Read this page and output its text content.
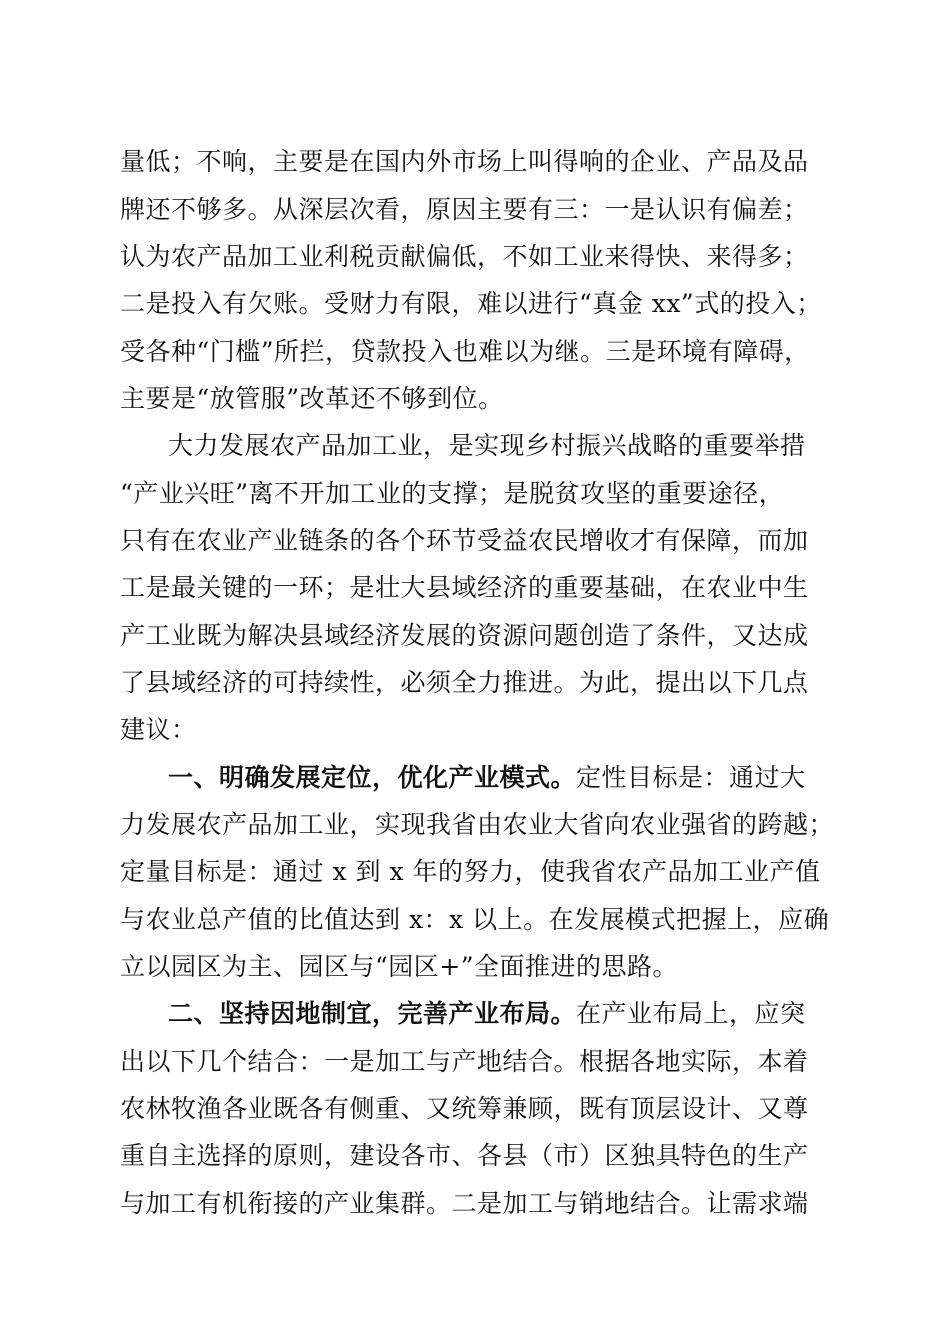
量低；不响，主要是在国内外市场上叫得响的企业、产品及品
牌还不够多。从深层次看，原因主要有三：一是认识有偏差；
认为农产品加工业利税贡献偏低，不如工业来得快、来得多；
二是投入有欠账。受财力有限，难以进行“真金 xx”式的投入；
受各种“门槛”所拦，贷款投入也难以为继。三是环境有障碍，
主要是“放管服”改革还不够到位。
大力发展农产品加工业，是实现乡村振兴战略的重要举措
“产业兴旺”离不开加工业的支撑；是脱贫攻坚的重要途径，
只有在农业产业链条的各个环节受益农民增收才有保障，而加
工是最关键的一环；是壮大县域经济的重要基础，在农业中生
产工业既为解决县域经济发展的资源问题创造了条件，又达成
了县域经济的可持续性，必须全力推进。为此，提出以下几点
建议：
一、明确发展定位，优化产业模式。定性目标是：通过大
力发展农产品加工业，实现我省由农业大省向农业强省的跨越；
定量目标是：通过 x 到 x 年的努力，使我省农产品加工业产值
与农业总产值的比值达到 x：x 以上。在发展模式把握上，应确
立以园区为主、园区与“园区+”全面推进的思路。
二、坚持因地制宜，完善产业布局。在产业布局上，应突
出以下几个结合：一是加工与产地结合。根据各地实际，本着
农林牧渔各业既各有侧重、又统筹兼顾，既有顶层设计、又尊
重自主选择的原则，建设各市、各县（市）区独具特色的生产
与加工有机衔接的产业集群。二是加工与销地结合。让需求端
